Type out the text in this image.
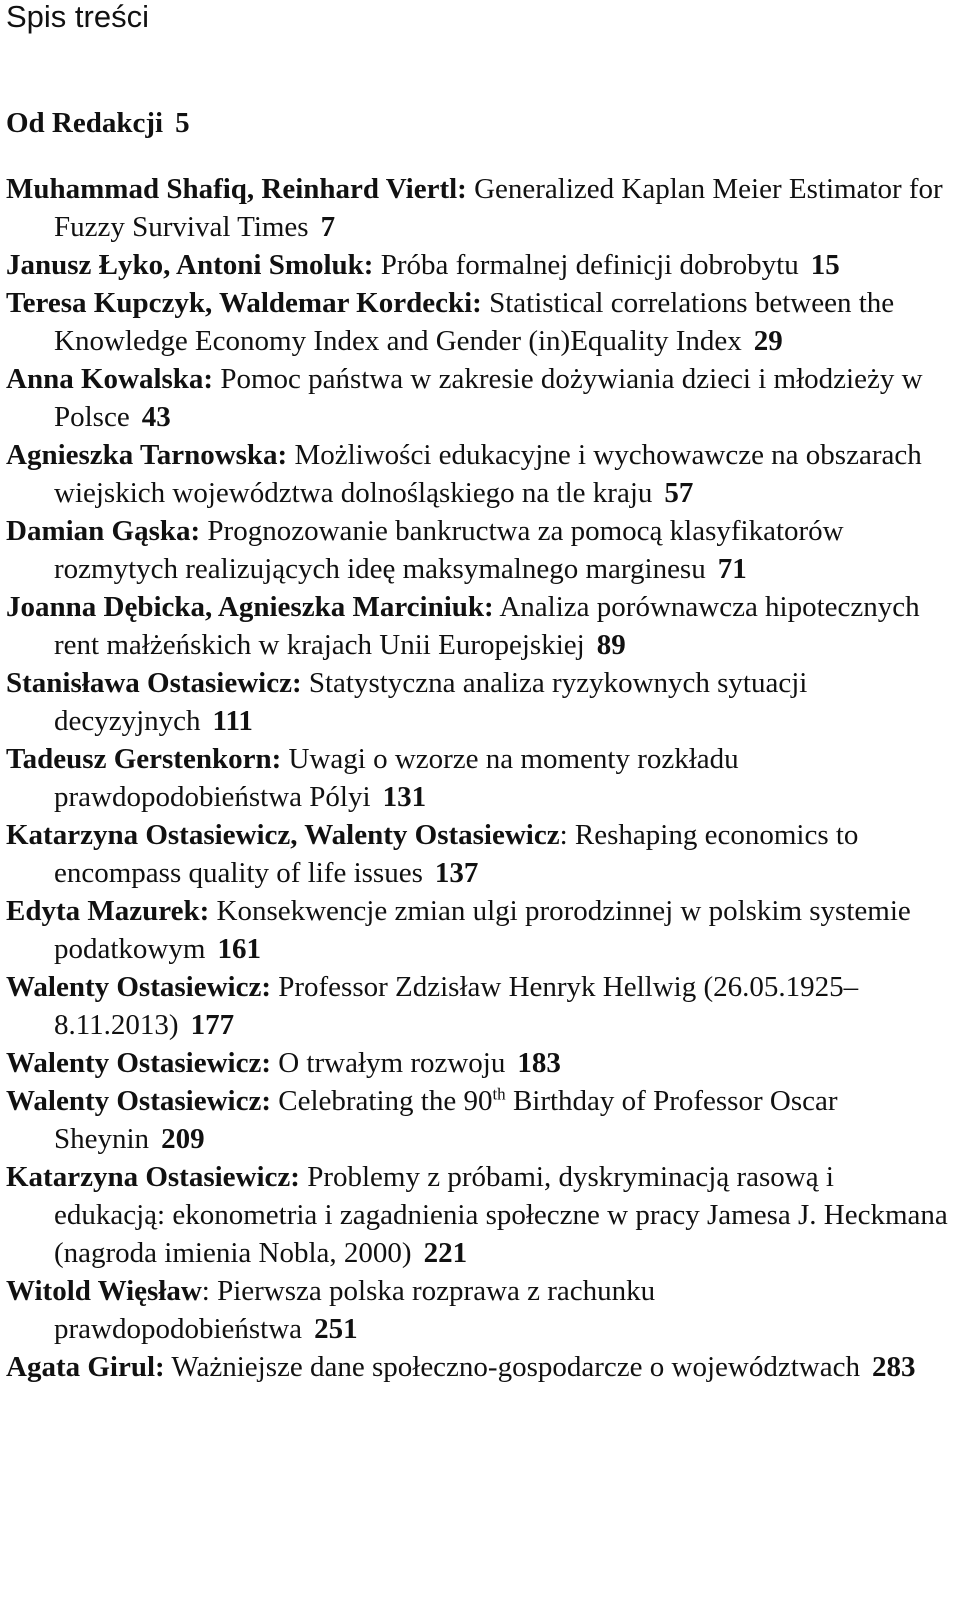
Spis treści
Od Redakcji 5
Muhammad Shafiq, Reinhard Viertl: Generalized Kaplan Meier Estimator for Fuzzy Survival Times 7
Janusz Łyko, Antoni Smoluk: Próba formalnej definicji dobrobytu 15
Teresa Kupczyk, Waldemar Kordecki: Statistical correlations between the Knowledge Economy Index and Gender (in)Equality Index 29
Anna Kowalska: Pomoc państwa w zakresie dożywiania dzieci i młodzieży w Polsce 43
Agnieszka Tarnowska: Możliwości edukacyjne i wychowawcze na obszarach wiejskich województwa dolnośląskiego na tle kraju 57
Damian Gąska: Prognozowanie bankructwa za pomocą klasyfikatorów rozmytych realizujących ideę maksymalnego marginesu 71
Joanna Dębicka, Agnieszka Marciniuk: Analiza porównawcza hipotecznych rent małżeńskich w krajach Unii Europejskiej 89
Stanisława Ostasiewicz: Statystyczna analiza ryzykownych sytuacji decyzyjnych 111
Tadeusz Gerstenkorn: Uwagi o wzorze na momenty rozkładu prawdopodobieństwa Pólyi 131
Katarzyna Ostasiewicz, Walenty Ostasiewicz: Reshaping economics to encompass quality of life issues 137
Edyta Mazurek: Konsekwencje zmian ulgi prorodzinnej w polskim systemie podatkowym 161
Walenty Ostasiewicz: Professor Zdzisław Henryk Hellwig (26.05.1925–8.11.2013) 177
Walenty Ostasiewicz: O trwałym rozwoju 183
Walenty Ostasiewicz: Celebrating the 90th Birthday of Professor Oscar Sheynin 209
Katarzyna Ostasiewicz: Problemy z próbami, dyskryminacją rasową i edukacją: ekonometria i zagadnienia społeczne w pracy Jamesa J. Heckmana (nagroda imienia Nobla, 2000) 221
Witold Więsław: Pierwsza polska rozprawa z rachunku prawdopodobieństwa 251
Agata Girul: Ważniejsze dane społeczno-gospodarcze o województwach 283
